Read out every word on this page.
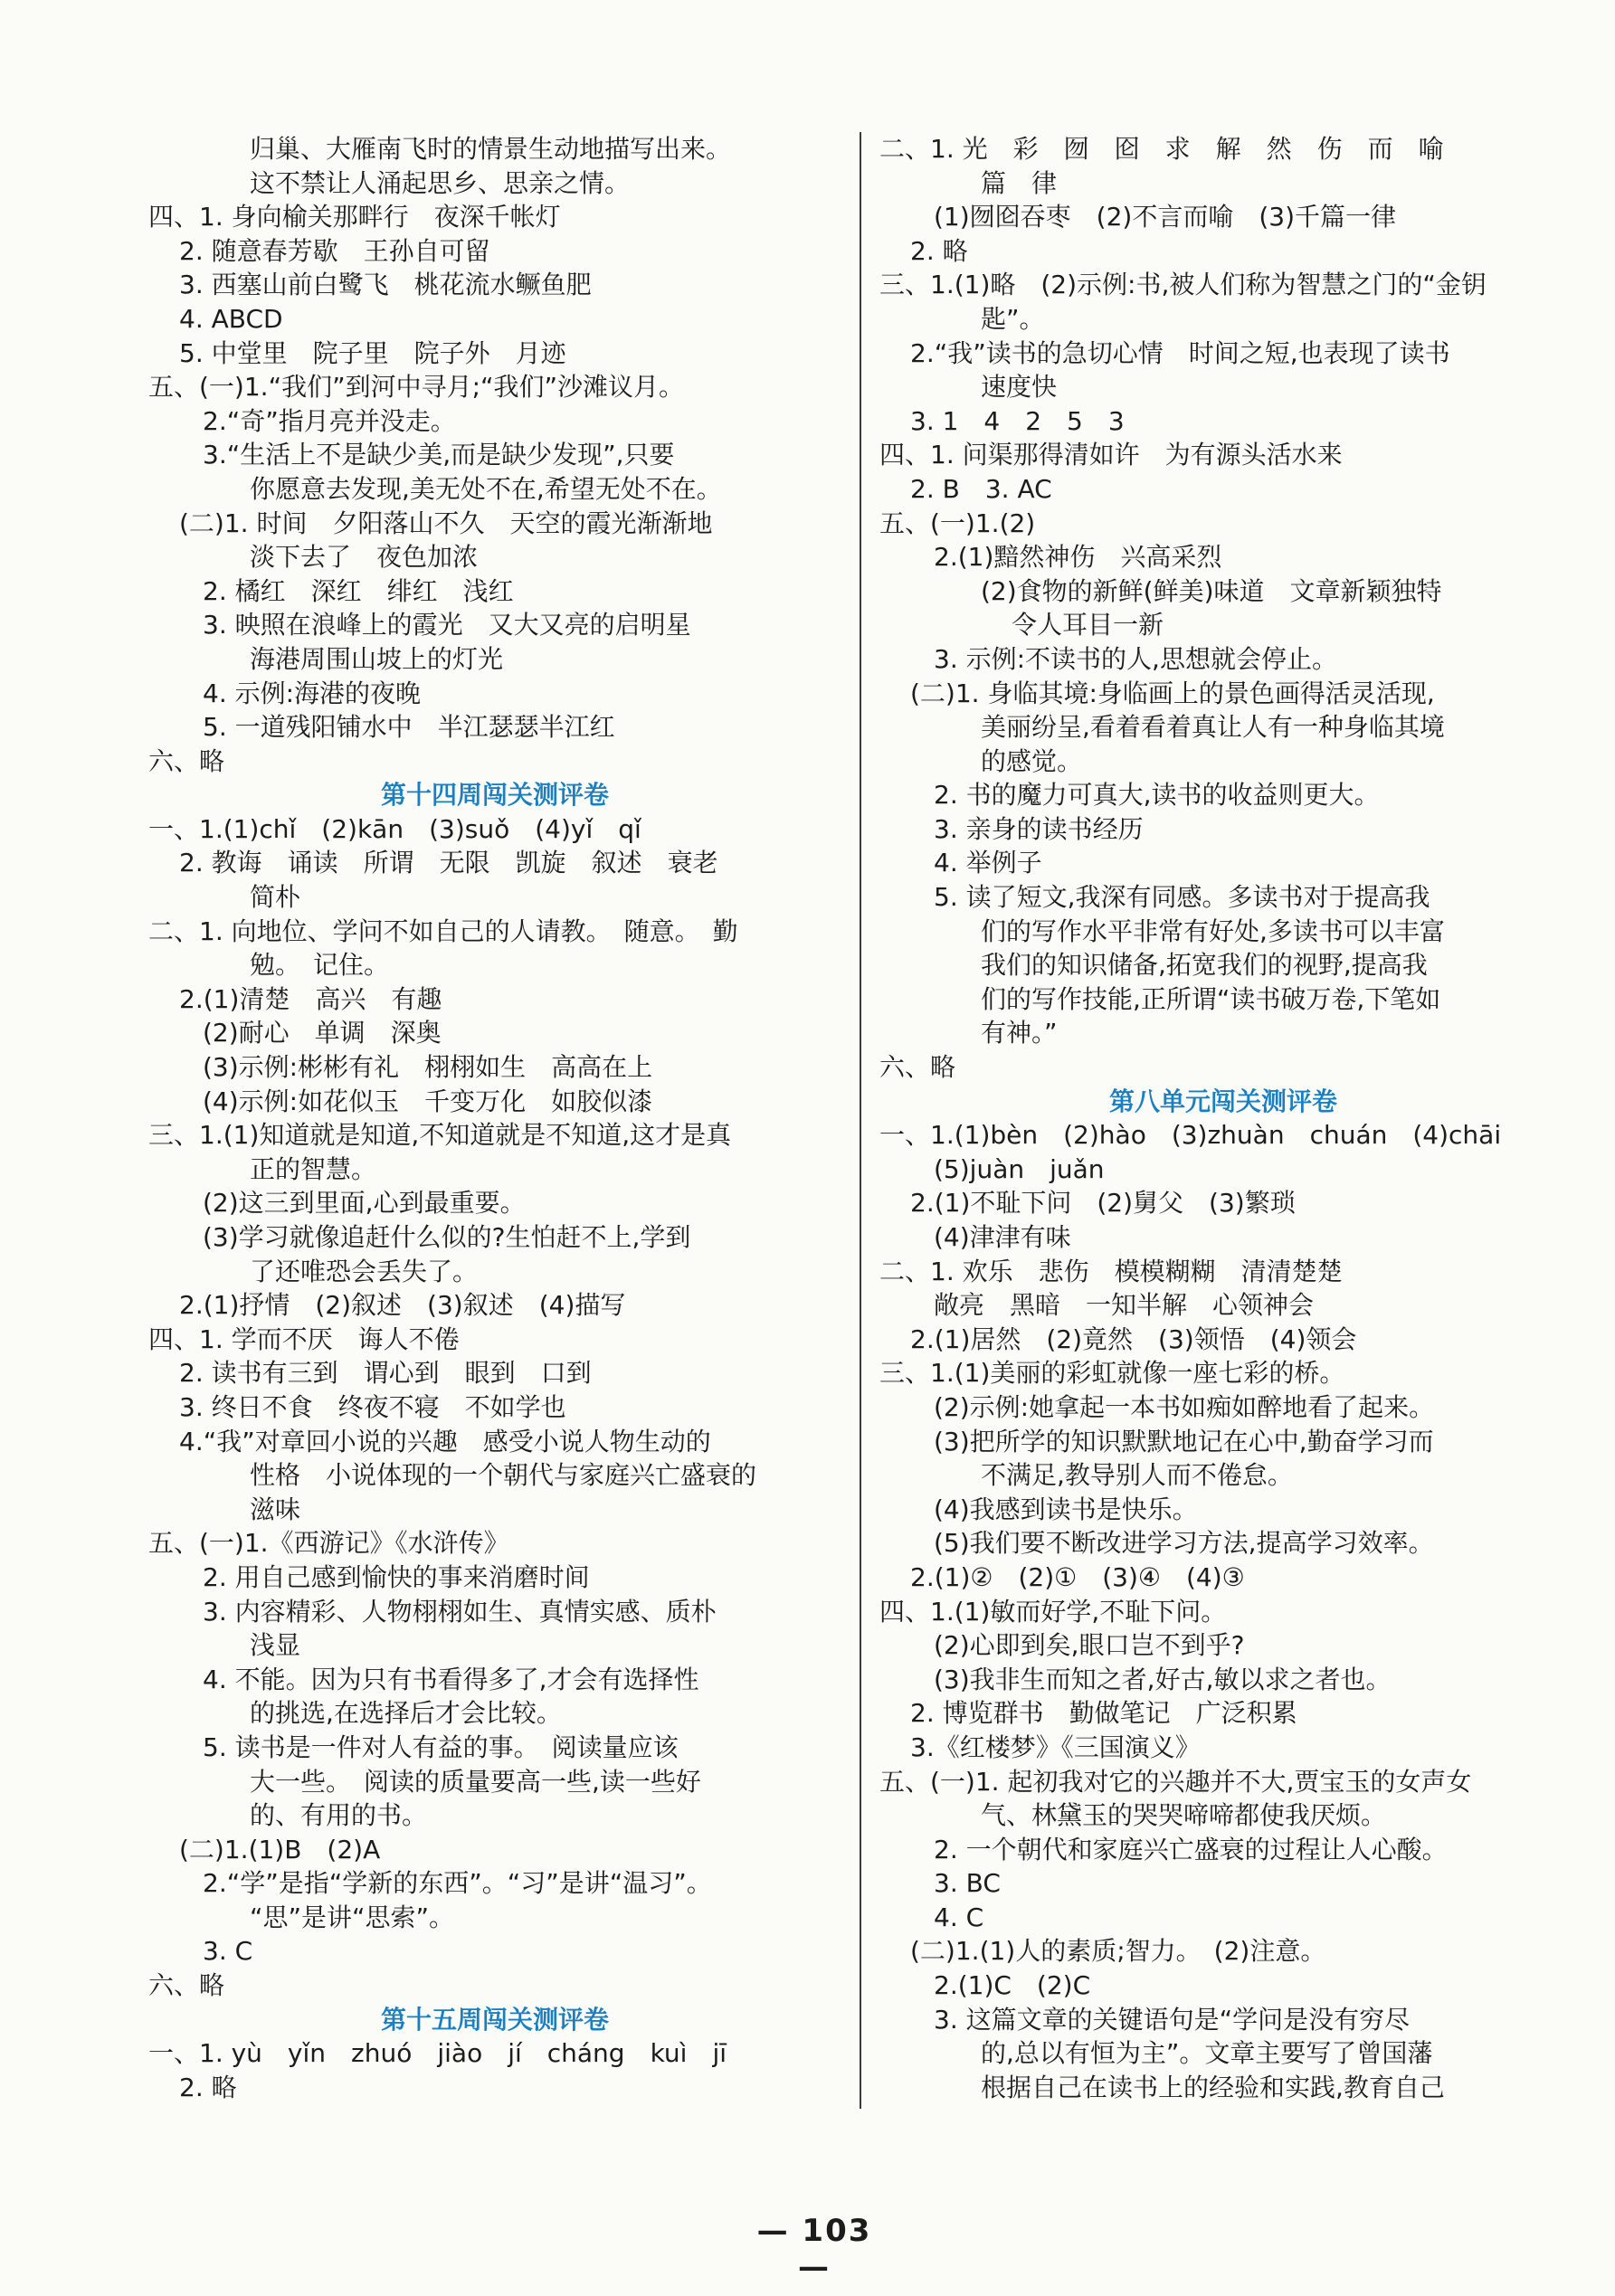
归巢、大雁南飞时的情景生动地描写出来。
这不禁让人涌起思乡、思亲之情。
四、1. 身向榆关那畔行　夜深千帐灯
2. 随意春芳歇　王孙自可留
3. 西塞山前白鹭飞　桃花流水鳜鱼肥
4. ABCD
5. 中堂里　院子里　院子外　月迹
五、(一)1.“我们”到河中寻月;“我们”沙滩议月。
2.“奇”指月亮并没走。
3.“生活上不是缺少美,而是缺少发现”,只要
你愿意去发现,美无处不在,希望无处不在。
(二)1. 时间　夕阳落山不久　天空的霞光渐渐地
淡下去了　夜色加浓
2. 橘红　深红　绯红　浅红
3. 映照在浪峰上的霞光　又大又亮的启明星
海港周围山坡上的灯光
4. 示例:海港的夜晚
5. 一道残阳铺水中　半江瑟瑟半江红
六、略
第十四周闯关测评卷
一、1.(1)chǐ　(2)kān　(3)suǒ　(4)yǐ　qǐ
2. 教诲　诵读　所谓　无限　凯旋　叙述　衰老
简朴
二、1. 向地位、学问不如自己的人请教。　随意。　勤
勉。　记住。
2.(1)清楚　高兴　有趣
(2)耐心　单调　深奥
(3)示例:彬彬有礼　栩栩如生　高高在上
(4)示例:如花似玉　千变万化　如胶似漆
三、1.(1)知道就是知道,不知道就是不知道,这才是真
正的智慧。
(2)这三到里面,心到最重要。
(3)学习就像追赶什么似的?生怕赶不上,学到
了还唯恐会丢失了。
2.(1)抒情　(2)叙述　(3)叙述　(4)描写
四、1. 学而不厌　诲人不倦
2. 读书有三到　谓心到　眼到　口到
3. 终日不食　终夜不寝　不如学也
4.“我”对章回小说的兴趣　感受小说人物生动的
性格　小说体现的一个朝代与家庭兴亡盛衰的
滋味
五、(一)1.《西游记》《水浒传》
2. 用自己感到愉快的事来消磨时间
3. 内容精彩、人物栩栩如生、真情实感、质朴
浅显
4. 不能。因为只有书看得多了,才会有选择性
的挑选,在选择后才会比较。
5. 读书是一件对人有益的事。　阅读量应该
大一些。　阅读的质量要高一些,读一些好
的、有用的书。
(二)1.(1)B　(2)A
2.“学”是指“学新的东西”。“习”是讲“温习”。
“思”是讲“思索”。
3. C
六、略
第十五周闯关测评卷
一、1. yù　yǐn　zhuó　jiào　jí　cháng　kuì　jī
2. 略
二、1. 光　彩　囫　囵　求　解　然　伤　而　喻
篇　律
(1)囫囵吞枣　(2)不言而喻　(3)千篇一律
2. 略
三、1.(1)略　(2)示例:书,被人们称为智慧之门的“金钥
匙”。
2.“我”读书的急切心情　时间之短,也表现了读书
速度快
3. 1　4　2　5　3
四、1. 问渠那得清如许　为有源头活水来
2. B　3. AC
五、(一)1.(2)
2.(1)黯然神伤　兴高采烈
(2)食物的新鲜(鲜美)味道　文章新颖独特
令人耳目一新
3. 示例:不读书的人,思想就会停止。
(二)1. 身临其境:身临画上的景色画得活灵活现,
美丽纷呈,看着看着真让人有一种身临其境
的感觉。
2. 书的魔力可真大,读书的收益则更大。
3. 亲身的读书经历
4. 举例子
5. 读了短文,我深有同感。多读书对于提高我
们的写作水平非常有好处,多读书可以丰富
我们的知识储备,拓宽我们的视野,提高我
们的写作技能,正所谓“读书破万卷,下笔如
有神。”
六、略
第八单元闯关测评卷
一、1.(1)bèn　(2)hào　(3)zhuàn　chuán　(4)chāi
(5)juàn　juǎn
2.(1)不耻下问　(2)舅父　(3)繁琐
(4)津津有味
二、1. 欢乐　悲伤　模模糊糊　清清楚楚
敞亮　黑暗　一知半解　心领神会
2.(1)居然　(2)竟然　(3)领悟　(4)领会
三、1.(1)美丽的彩虹就像一座七彩的桥。
(2)示例:她拿起一本书如痴如醉地看了起来。
(3)把所学的知识默默地记在心中,勤奋学习而
不满足,教导别人而不倦怠。
(4)我感到读书是快乐。
(5)我们要不断改进学习方法,提高学习效率。
2.(1)②　(2)①　(3)④　(4)③
四、1.(1)敏而好学,不耻下问。
(2)心即到矣,眼口岂不到乎?
(3)我非生而知之者,好古,敏以求之者也。
2. 博览群书　勤做笔记　广泛积累
3.《红楼梦》《三国演义》
五、(一)1. 起初我对它的兴趣并不大,贾宝玉的女声女
气、林黛玉的哭哭啼啼都使我厌烦。
2. 一个朝代和家庭兴亡盛衰的过程让人心酸。
3. BC
4. C
(二)1.(1)人的素质;智力。　(2)注意。
2.(1)C　(2)C
3. 这篇文章的关键语句是“学问是没有穷尽
的,总以有恒为主”。文章主要写了曾国藩
根据自己在读书上的经验和实践,教育自己
— 103 —
